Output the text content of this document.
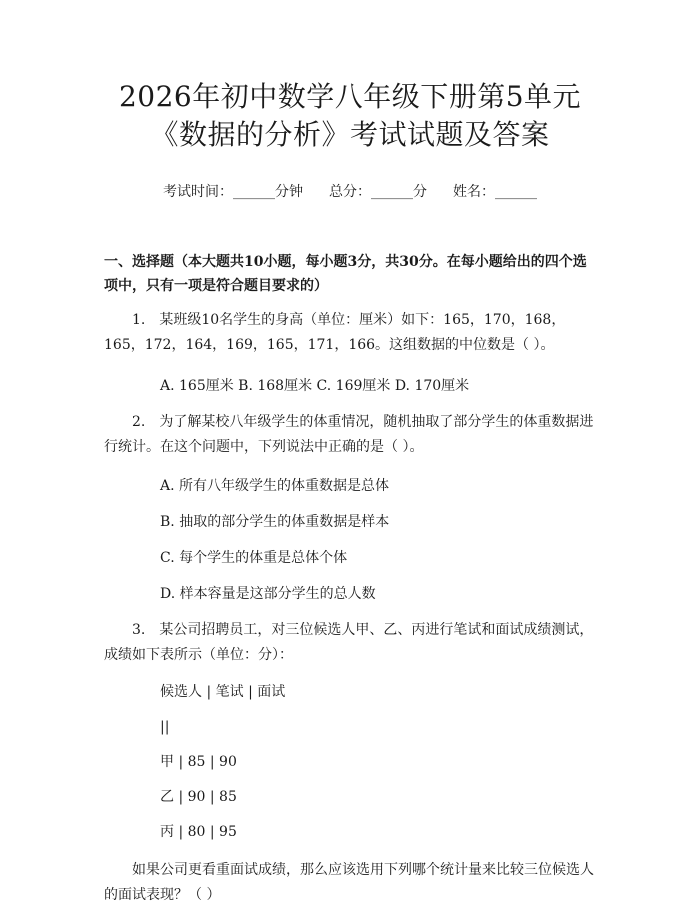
2026年初中数学八年级下册第5单元《数据的分析》考试试题及答案
考试时间：______分钟 总分：______分 姓名：______
一、选择题（本大题共10小题，每小题3分，共30分。在每小题给出的四个选项中，只有一项是符合题目要求的）

1.　某班级10名学生的身高（单位：厘米）如下：165，170，168，165，172，164，169，165，171，166。这组数据的中位数是（ ）。

A. 165厘米 B. 168厘米 C. 169厘米 D. 170厘米

2.　为了解某校八年级学生的体重情况，随机抽取了部分学生的体重数据进行统计。在这个问题中，下列说法中正确的是（ ）。

A. 所有八年级学生的体重数据是总体
B. 抽取的部分学生的体重数据是样本
C. 每个学生的体重是总体个体
D. 样本容量是这部分学生的总人数

3.　某公司招聘员工，对三位候选人甲、乙、丙进行笔试和面试成绩测试，成绩如下表所示（单位：分）：

候选人 | 笔试 | 面试
||
甲 | 85 | 90
乙 | 90 | 85
丙 | 80 | 95

如果公司更看重面试成绩，那么应该选用下列哪个统计量来比较三位候选人的面试表现？（ ）
